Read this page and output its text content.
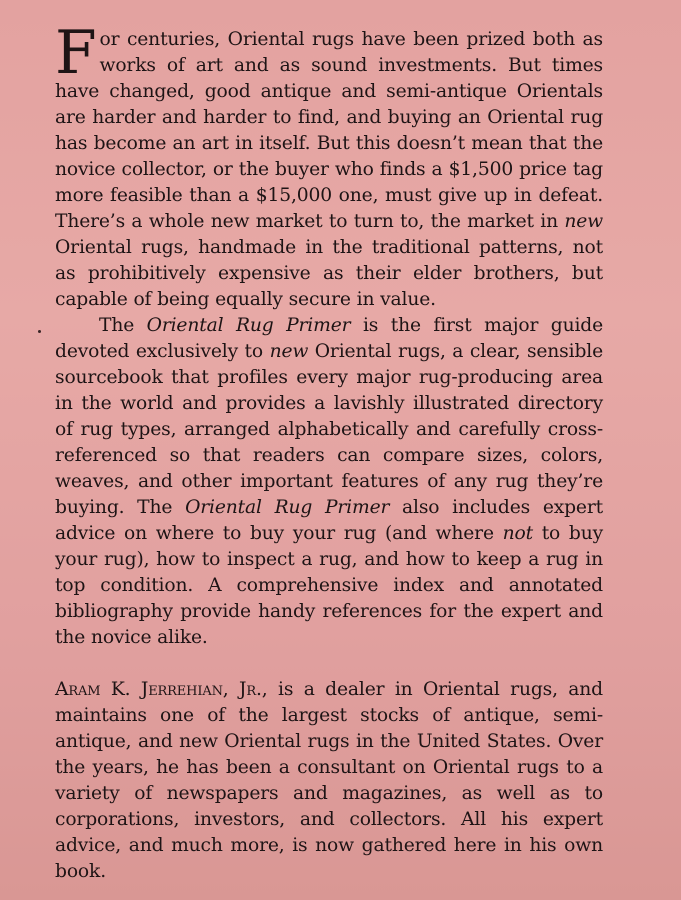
For centuries, Oriental rugs have been prized both as works of art and as sound investments. But times have changed, good antique and semi-antique Orientals are harder and harder to find, and buying an Oriental rug has become an art in itself. But this doesn’t mean that the novice collector, or the buyer who finds a $1,500 price tag more feasible than a $15,000 one, must give up in defeat. There’s a whole new market to turn to, the market in new Oriental rugs, handmade in the traditional patterns, not as prohibitively expensive as their elder brothers, but capable of being equally secure in value.

The Oriental Rug Primer is the first major guide devoted exclusively to new Oriental rugs, a clear, sensible sourcebook that profiles every major rug-producing area in the world and provides a lavishly illustrated directory of rug types, arranged alphabetically and carefully cross-referenced so that readers can compare sizes, colors, weaves, and other important features of any rug they’re buying. The Oriental Rug Primer also includes expert advice on where to buy your rug (and where not to buy your rug), how to inspect a rug, and how to keep a rug in top condition. A comprehensive index and annotated bibliography provide handy references for the expert and the novice alike.

Aram K. Jerrehian, Jr., is a dealer in Oriental rugs, and maintains one of the largest stocks of antique, semi-antique, and new Oriental rugs in the United States. Over the years, he has been a consultant on Oriental rugs to a variety of newspapers and magazines, as well as to corporations, investors, and collectors. All his expert advice, and much more, is now gathered here in his own book.
